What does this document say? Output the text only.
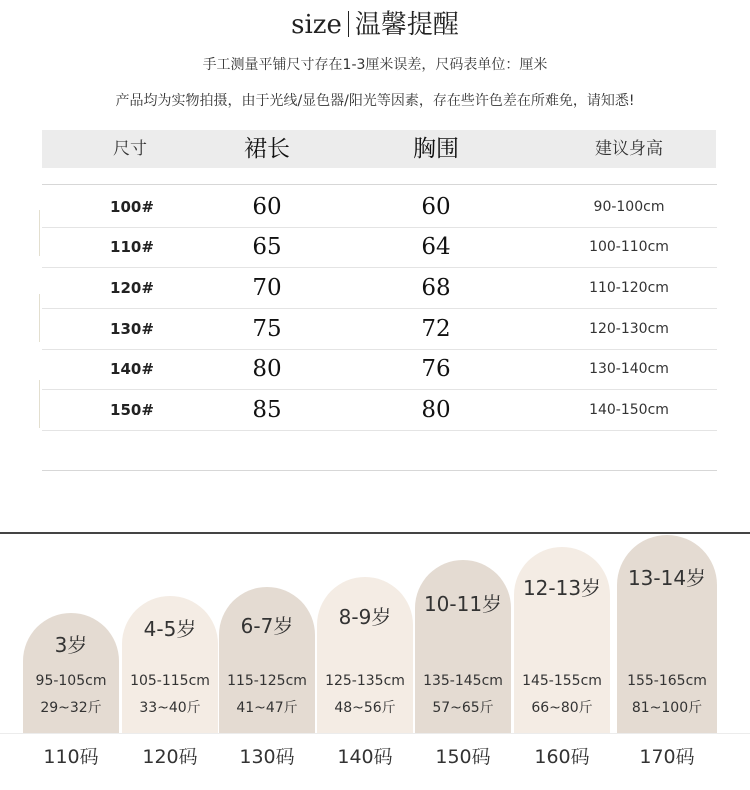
size 温馨提醒
手工测量平铺尺寸存在1-3厘米误差，尺码表单位：厘米
产品均为实物拍摄，由于光线/显色器/阳光等因素，存在些许色差在所难免，请知悉!
尺寸	裙长	胸围	建议身高
100#	60	60	90-100cm
110#	65	64	100-110cm
120#	70	68	110-120cm
130#	75	72	120-130cm
140#	80	76	130-140cm
150#	85	80	140-150cm
3岁
95-105cm
29~32斤
4-5岁
105-115cm
33~40斤
6-7岁
115-125cm
41~47斤
8-9岁
125-135cm
48~56斤
10-11岁
135-145cm
57~65斤
12-13岁
145-155cm
66~80斤
13-14岁
155-165cm
81~100斤
110码	120码	130码	140码	150码	160码	170码
